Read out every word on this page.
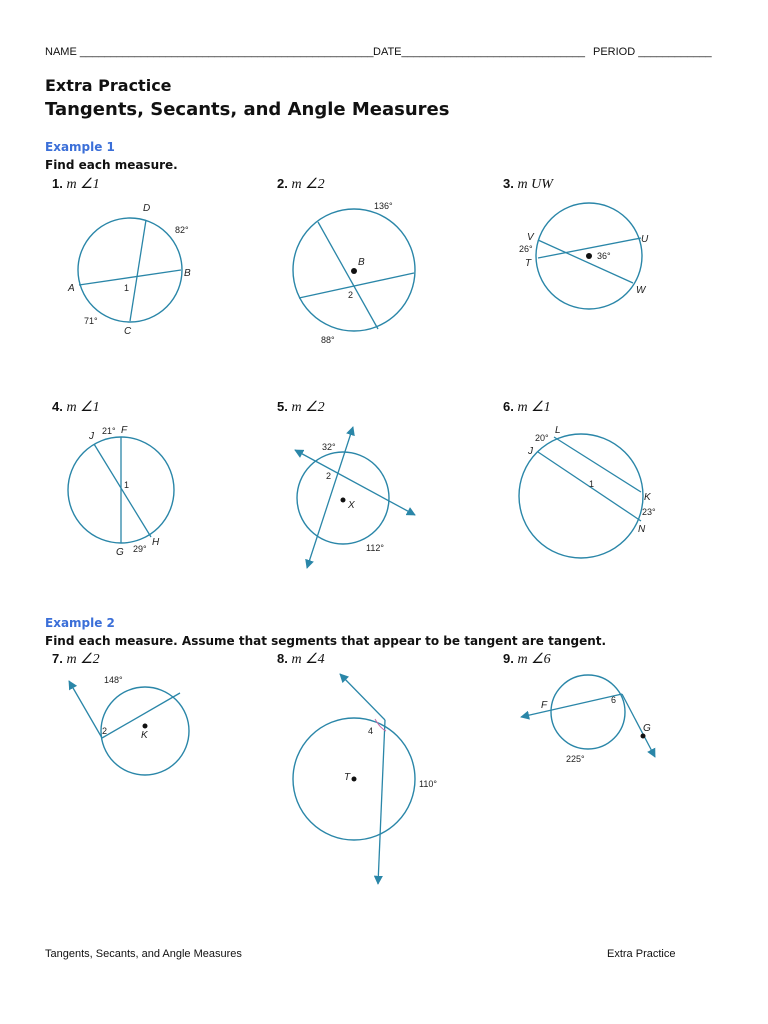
NAME ________________________________________________ DATE______________________________ PERIOD ____________
Extra Practice
Tangents, Secants, and Angle Measures
Example 1
Find each measure.
1. m ∠1	2. m ∠2	3. m UW
4. m ∠1	5. m ∠2	6. m ∠1
Example 2
Find each measure. Assume that segments that appear to be tangent are tangent.
7. m ∠2	8. m ∠4	9. m ∠6
D
82°
B
A	1
71°
C
136°
B
2
88°
V	U
26°
T
36°
W
J 21° F
1
G 29°
H
32°
2
X
112°
20°
L
J
1
K
23°
N
148°
2	K	4
T
110°
F	6
G
225°
Tangents, Secants, and Angle Measures	Extra Practice
